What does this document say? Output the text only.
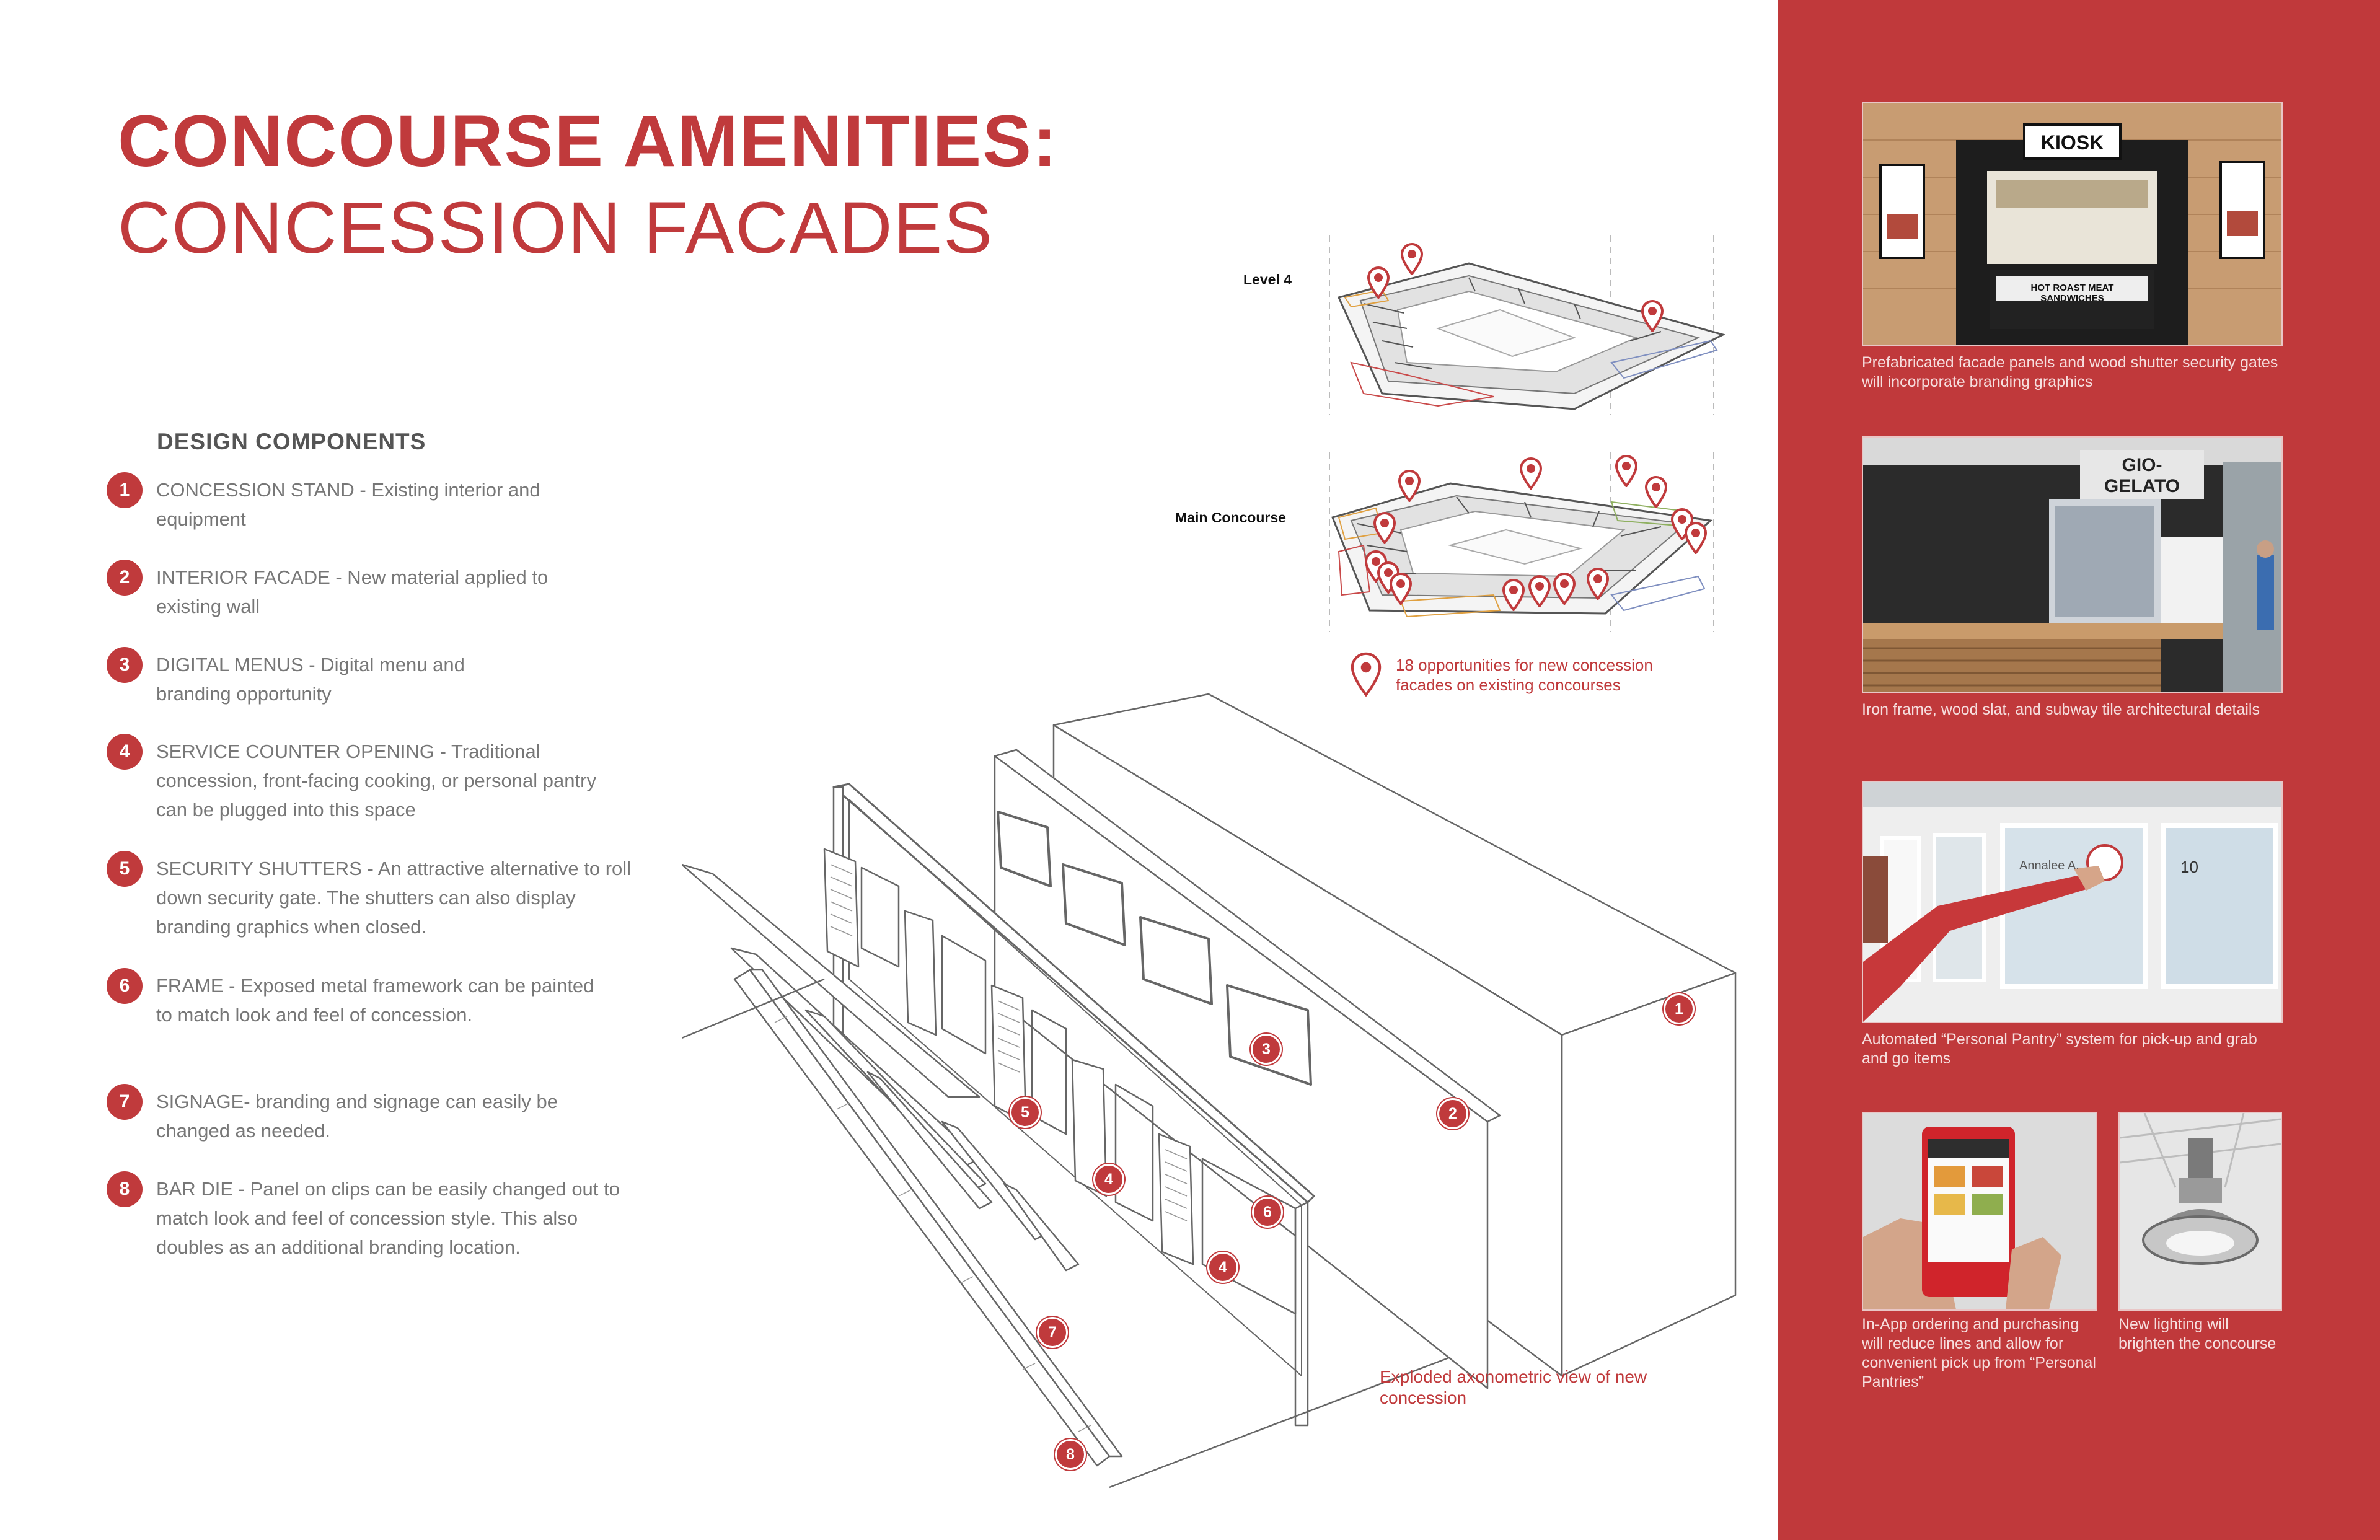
CONCOURSE AMENITIES:
CONCESSION FACADES
DESIGN COMPONENTS
1	CONCESSION STAND - Existing interior and equipment
2	INTERIOR FACADE - New material applied to existing wall
3	DIGITAL MENUS - Digital menu and branding opportunity
4	SERVICE COUNTER OPENING - Traditional concession, front-facing cooking, or personal pantry can be plugged into this space
5	SECURITY SHUTTERS - An attractive alternative to roll down security gate. The shutters can also display branding graphics when closed.
6	FRAME - Exposed metal framework can be painted to match look and feel of concession.
7	SIGNAGE- branding and signage can easily be changed as needed.
8	BAR DIE - Panel on clips can be easily changed out to match look and feel of concession style. This also doubles as an additional branding location.
Level 4
Main Concourse
18 opportunities for new concession facades on existing concourses
1
2
3
4
4
5
6
7
8
Exploded axonometric view of new concession
KIOSK
HOT ROAST MEAT SANDWICHES
Prefabricated facade panels and wood shutter security gates will incorporate branding graphics
GIO-GELATO
Iron frame, wood slat, and subway tile architectural details
Annalee A.	10
Automated “Personal Pantry” system for pick-up and grab and go items
In-App ordering and purchasing will reduce lines and allow for convenient pick up from “Personal Pantries”
New lighting will brighten the concourse
